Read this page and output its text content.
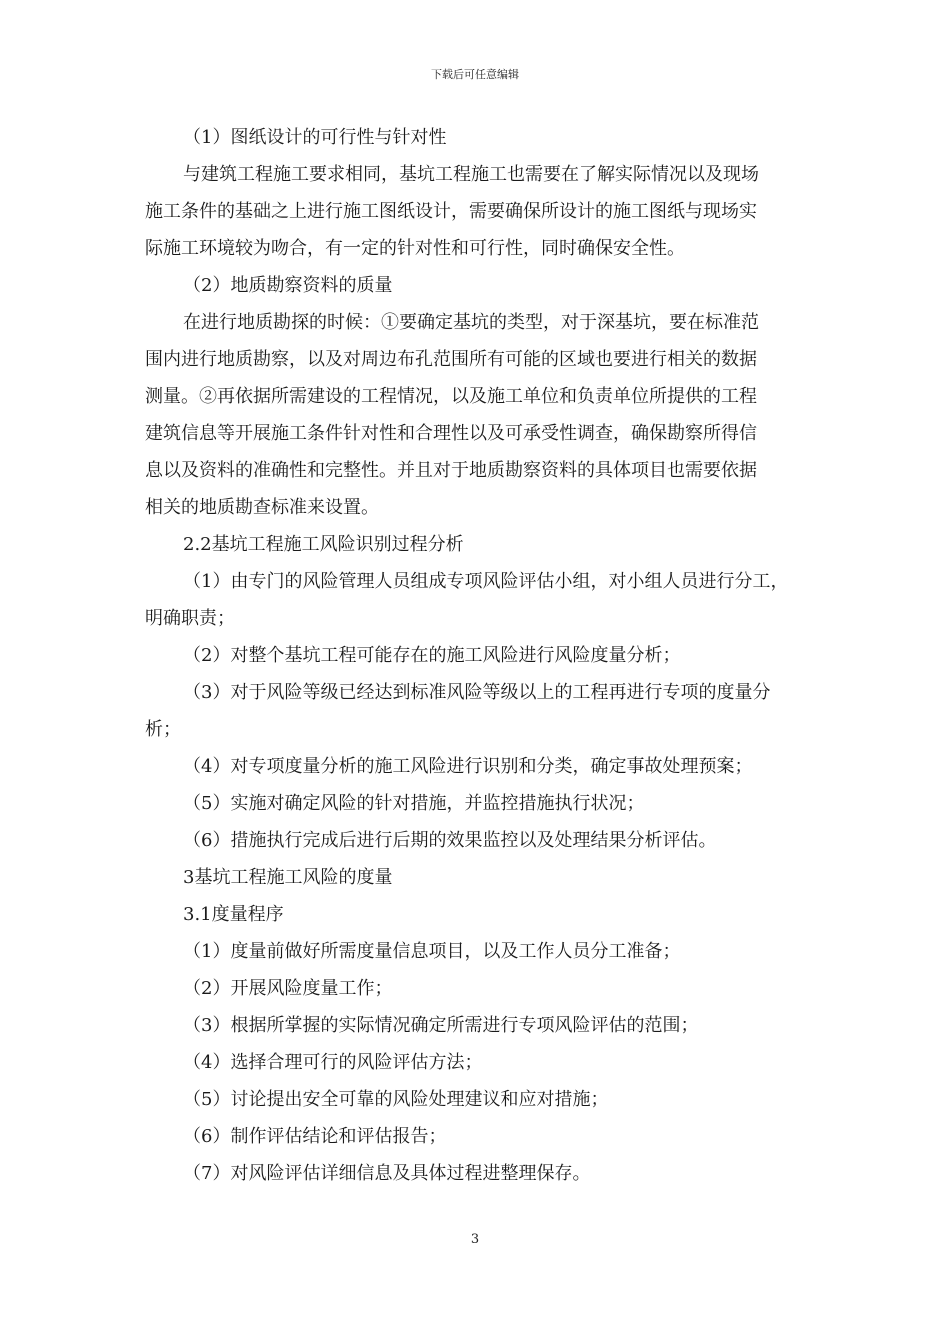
下载后可任意编辑
（1）图纸设计的可行性与针对性
与建筑工程施工要求相同，基坑工程施工也需要在了解实际情况以及现场
施工条件的基础之上进行施工图纸设计，需要确保所设计的施工图纸与现场实
际施工环境较为吻合，有一定的针对性和可行性，同时确保安全性。
（2）地质勘察资料的质量
在进行地质勘探的时候：①要确定基坑的类型，对于深基坑，要在标准范
围内进行地质勘察，以及对周边布孔范围所有可能的区域也要进行相关的数据
测量。②再依据所需建设的工程情况，以及施工单位和负责单位所提供的工程
建筑信息等开展施工条件针对性和合理性以及可承受性调查，确保勘察所得信
息以及资料的准确性和完整性。并且对于地质勘察资料的具体项目也需要依据
相关的地质勘查标准来设置。
2.2基坑工程施工风险识别过程分析
（1）由专门的风险管理人员组成专项风险评估小组，对小组人员进行分工，
明确职责；
（2）对整个基坑工程可能存在的施工风险进行风险度量分析；
（3）对于风险等级已经达到标准风险等级以上的工程再进行专项的度量分
析；
（4）对专项度量分析的施工风险进行识别和分类，确定事故处理预案；
（5）实施对确定风险的针对措施，并监控措施执行状况；
（6）措施执行完成后进行后期的效果监控以及处理结果分析评估。
3基坑工程施工风险的度量
3.1度量程序
（1）度量前做好所需度量信息项目，以及工作人员分工准备；
（2）开展风险度量工作；
（3）根据所掌握的实际情况确定所需进行专项风险评估的范围；
（4）选择合理可行的风险评估方法；
（5）讨论提出安全可靠的风险处理建议和应对措施；
（6）制作评估结论和评估报告；
（7）对风险评估详细信息及具体过程进整理保存。
3
